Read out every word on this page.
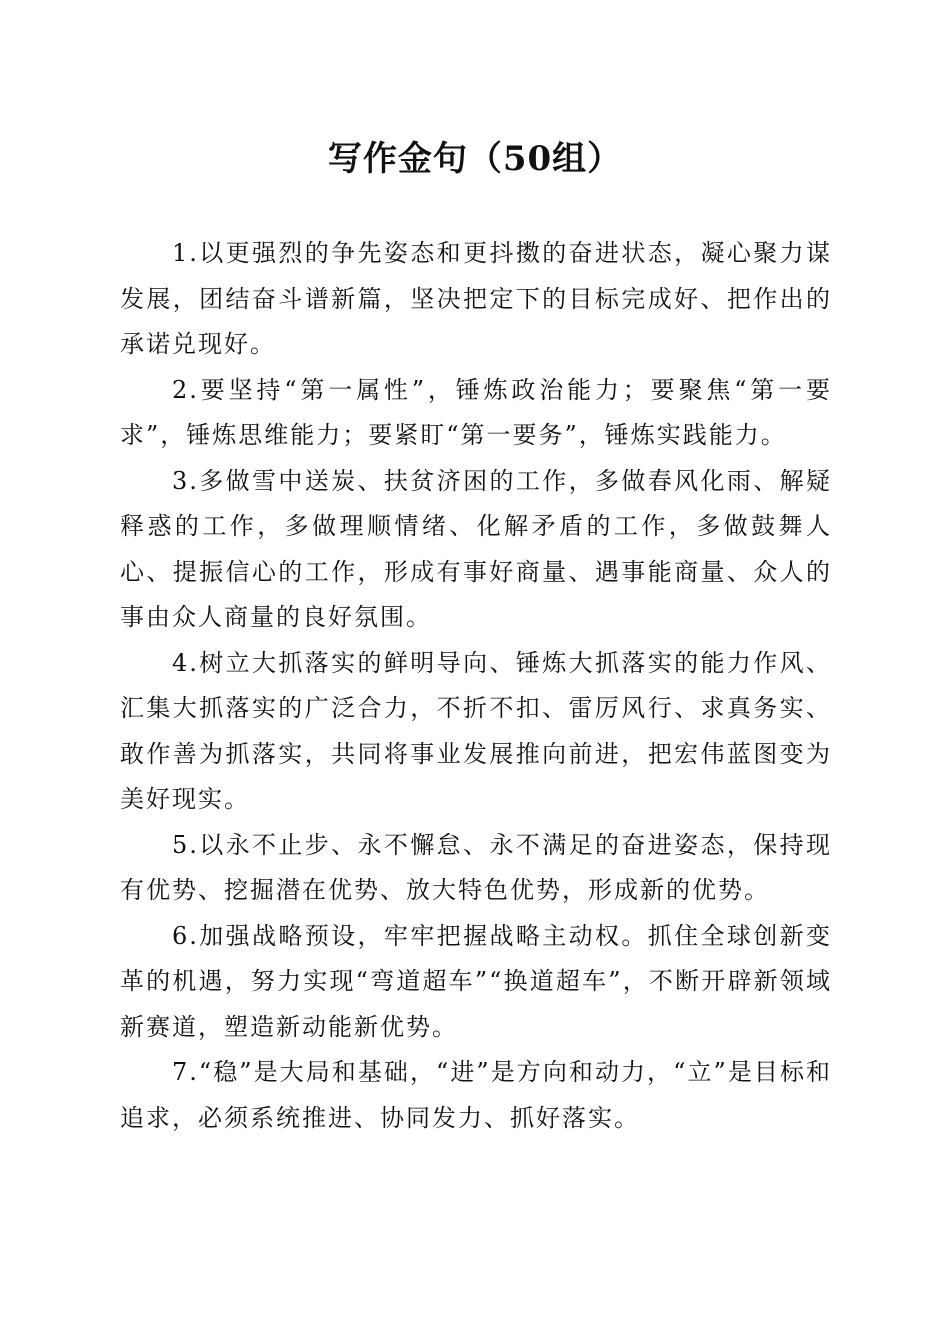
写作金句（50组）

1.以更强烈的争先姿态和更抖擞的奋进状态，凝心聚力谋发展，团结奋斗谱新篇，坚决把定下的目标完成好、把作出的承诺兑现好。

2.要坚持“第一属性”，锤炼政治能力；要聚焦“第一要求”，锤炼思维能力；要紧盯“第一要务”，锤炼实践能力。

3.多做雪中送炭、扶贫济困的工作，多做春风化雨、解疑释惑的工作，多做理顺情绪、化解矛盾的工作，多做鼓舞人心、提振信心的工作，形成有事好商量、遇事能商量、众人的事由众人商量的良好氛围。

4.树立大抓落实的鲜明导向、锤炼大抓落实的能力作风、汇集大抓落实的广泛合力，不折不扣、雷厉风行、求真务实、敢作善为抓落实，共同将事业发展推向前进，把宏伟蓝图变为美好现实。

5.以永不止步、永不懈怠、永不满足的奋进姿态，保持现有优势、挖掘潜在优势、放大特色优势，形成新的优势。

6.加强战略预设，牢牢把握战略主动权。抓住全球创新变革的机遇，努力实现“弯道超车”“换道超车”，不断开辟新领域新赛道，塑造新动能新优势。

7.“稳”是大局和基础，“进”是方向和动力，“立”是目标和追求，必须系统推进、协同发力、抓好落实。
